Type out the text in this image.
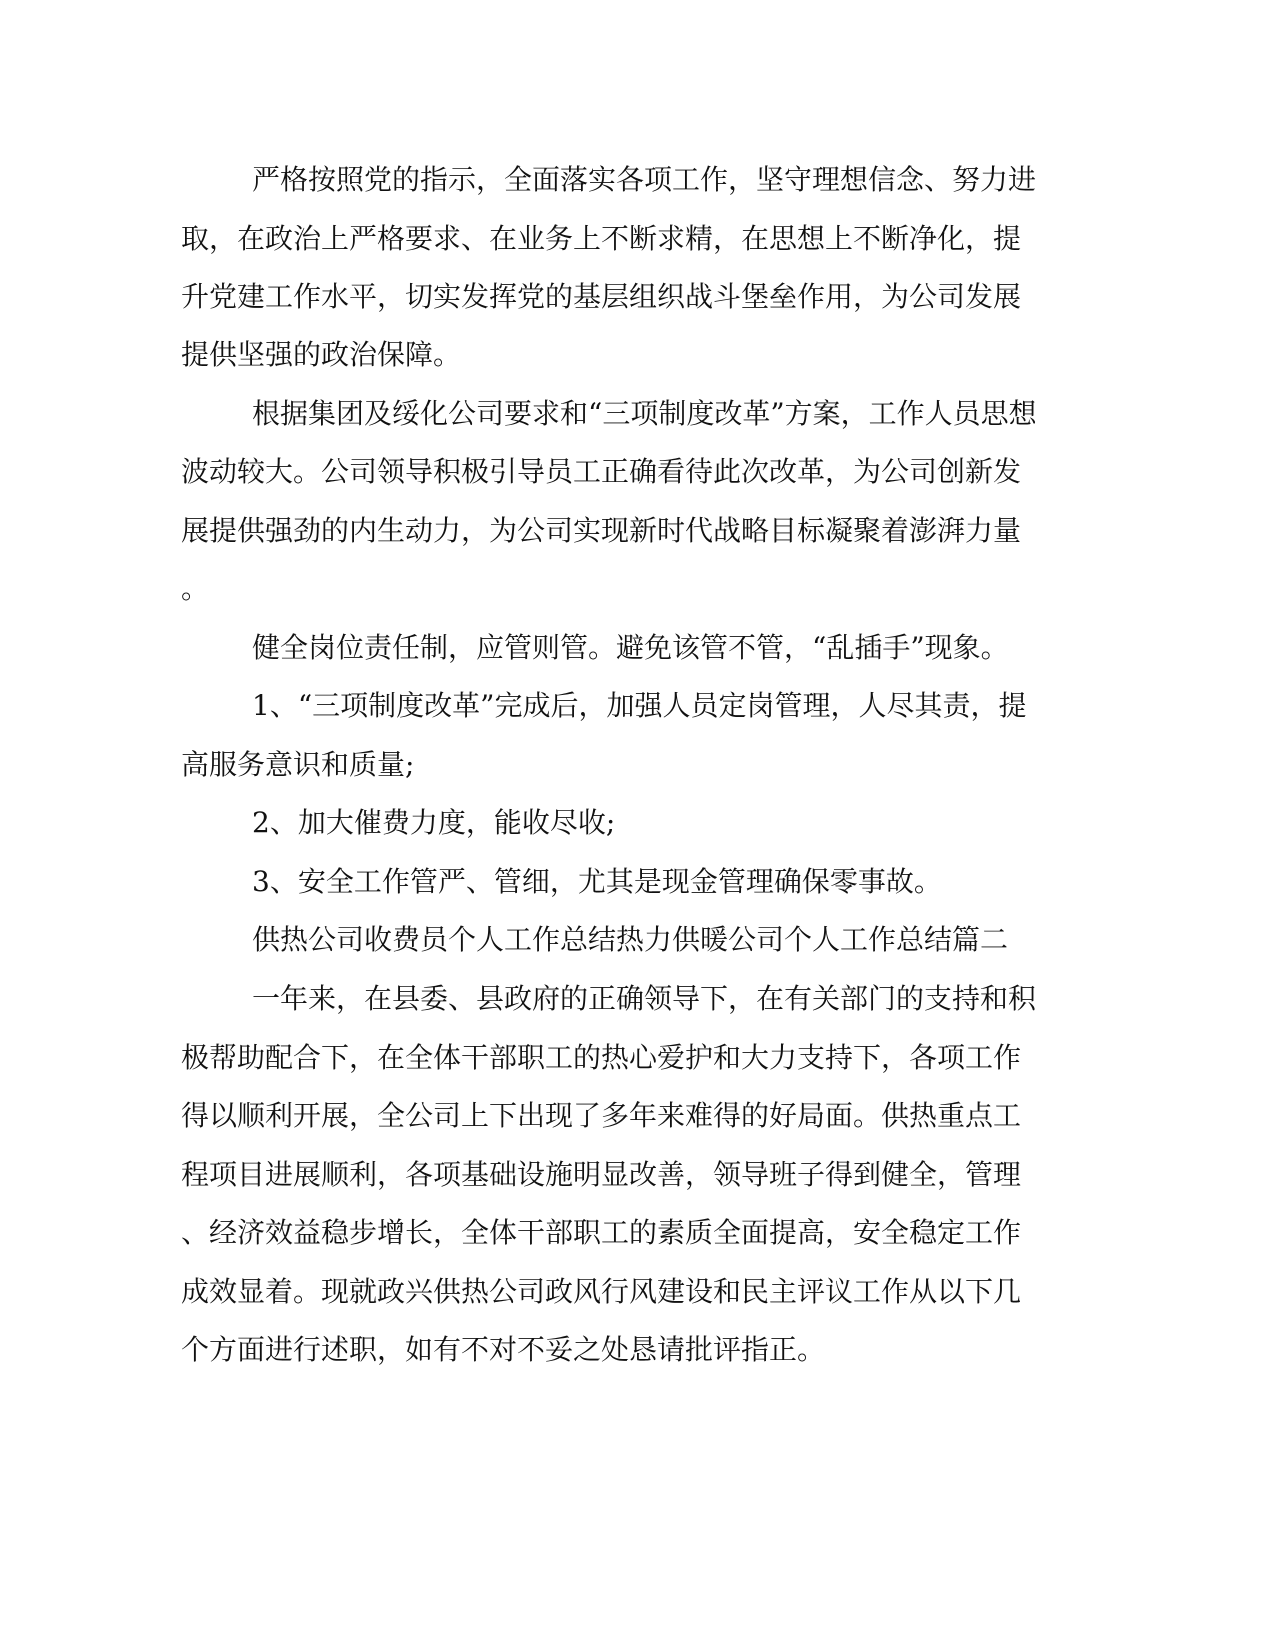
严格按照党的指示，全面落实各项工作，坚守理想信念、努力进
取，在政治上严格要求、在业务上不断求精，在思想上不断净化，提
升党建工作水平，切实发挥党的基层组织战斗堡垒作用，为公司发展
提供坚强的政治保障。
根据集团及绥化公司要求和“三项制度改革”方案，工作人员思想
波动较大。公司领导积极引导员工正确看待此次改革，为公司创新发
展提供强劲的内生动力，为公司实现新时代战略目标凝聚着澎湃力量
。
健全岗位责任制，应管则管。避免该管不管，“乱插手”现象。
1、“三项制度改革”完成后，加强人员定岗管理，人尽其责，提
高服务意识和质量;
2、加大催费力度，能收尽收;
3、安全工作管严、管细，尤其是现金管理确保零事故。
供热公司收费员个人工作总结热力供暖公司个人工作总结篇二
一年来，在县委、县政府的正确领导下，在有关部门的支持和积
极帮助配合下，在全体干部职工的热心爱护和大力支持下，各项工作
得以顺利开展，全公司上下出现了多年来难得的好局面。供热重点工
程项目进展顺利，各项基础设施明显改善，领导班子得到健全，管理
、经济效益稳步增长，全体干部职工的素质全面提高，安全稳定工作
成效显着。现就政兴供热公司政风行风建设和民主评议工作从以下几
个方面进行述职，如有不对不妥之处恳请批评指正。
